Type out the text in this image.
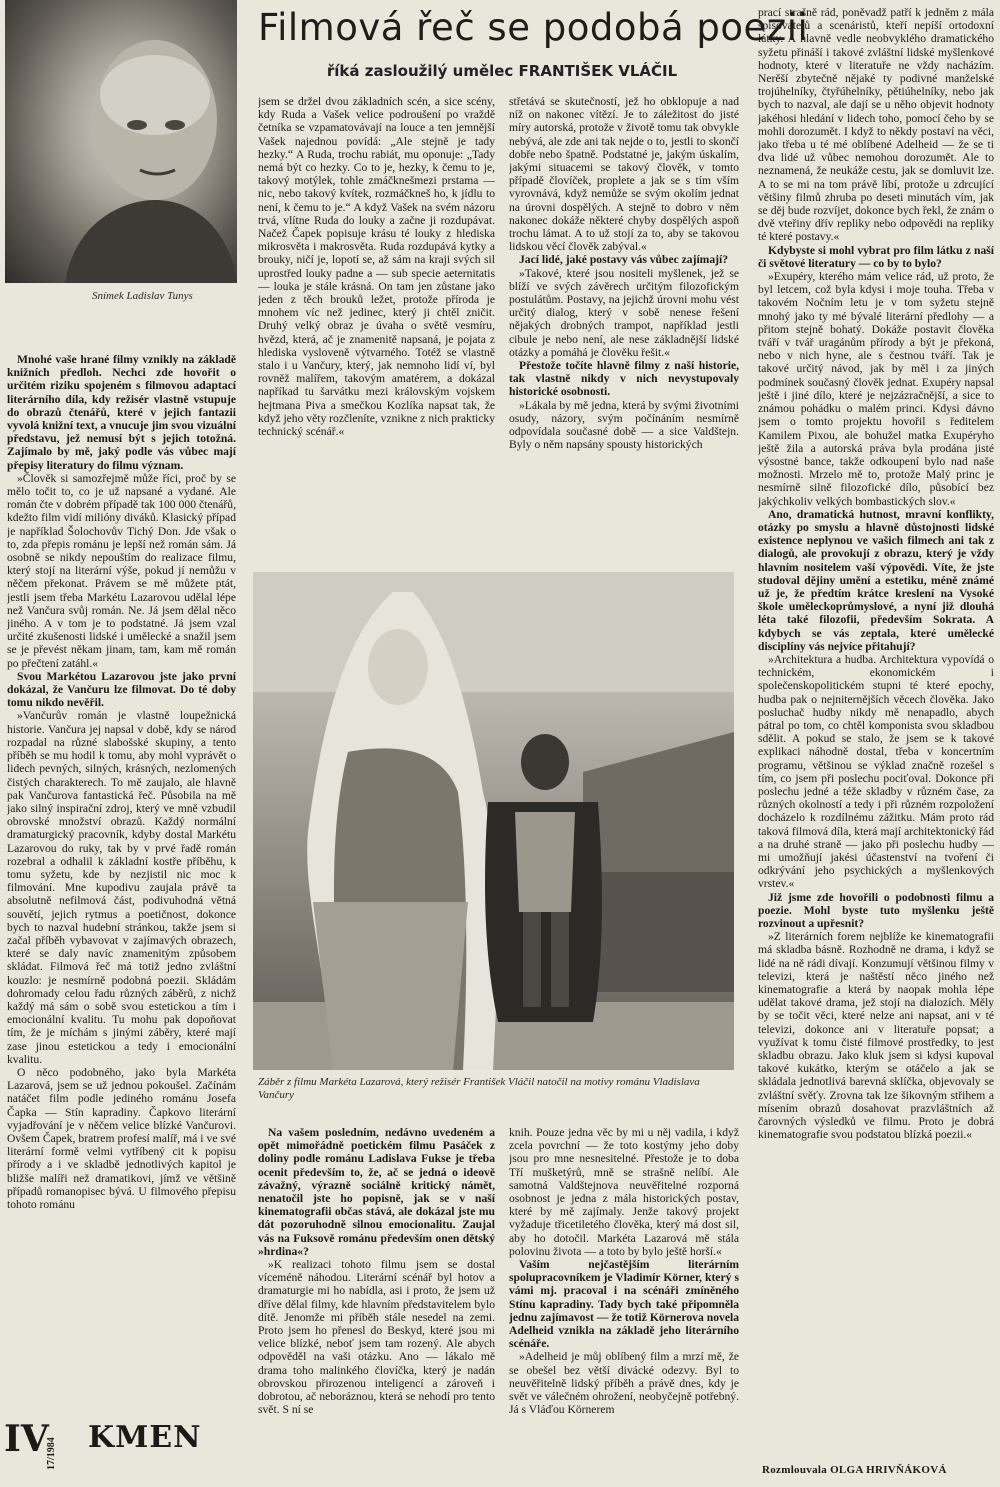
Filmová řeč se podobá poezii
říká zasloužilý umělec FRANTIŠEK VLÁČIL
Snímek Ladislav Tunys

Mnohé vaše hrané filmy vznikly na základě knižních předloh. Nechci zde hovořit o určitém riziku spojeném s filmovou adaptací literárního díla, kdy režisér vlastně vstupuje do obrazů čtenářů, které v jejich fantazii vyvolá knižní text, a vnucuje jim svou vizuální představu, jež nemusí být s jejich totožná. Zajímalo by mě, jaký podle vás vůbec mají přepisy literatury do filmu význam.

»Člověk si samozřejmě může říci, proč by se mělo točit to, co je už napsané a vydané. Ale román čte v dobrém případě tak 100 000 čtenářů, kdežto film vidí milióny diváků. Klasický případ je například Šolochovův Tichý Don. Jde však o to, zda přepis románu je lepší než román sám. Já osobně se nikdy nepouštím do realizace filmu, který stojí na literární výše, pokud jí nemůžu v něčem překonat. Právem se mě můžete ptát, jestli jsem třeba Markétu Lazarovou udělal lépe než Vančura svůj román. Ne. Já jsem dělal něco jiného. A v tom je to podstatné. Já jsem vzal určité zkušenosti lidské i umělecké a snažil jsem se je převést někam jinam, tam, kam mě román po přečtení zatáhl.«

Svou Markétou Lazarovou jste jako první dokázal, že Vančuru lze filmovat. Do té doby tomu nikdo nevěřil.

»Vančurův román je vlastně loupežnická historie. Vančura jej napsal v době, kdy se národ rozpadal na různé slabošské skupiny, a tento příběh se mu hodil k tomu, aby mohl vyprávět o lidech pevných, silných, krásných, nezlomených čistých charakterech. To mě zaujalo, ale hlavně pak Vančurova fantastická řeč. Působila na mě jako silný inspirační zdroj, který ve mně vzbudil obrovské množství obrazů. Každý normální dramaturgický pracovník, kdyby dostal Markétu Lazarovou do ruky, tak by v prvé řadě román rozebral a odhalil k základní kostře příběhu, k tomu syžetu, kde by nezjistil nic moc k filmování. Mne kupodivu zaujala právě ta absolutně nefilmová část, podivuhodná větná souvětí, jejich rytmus a poetičnost, dokonce bych to nazval hudební stránkou, takže jsem si začal příběh vybavovat v zajímavých obrazech, které se daly navíc znamenitým způsobem skládat. Filmová řeč má totiž jedno zvláštní kouzlo: je nesmírně podobná poezii. Skládám dohromady celou řadu různých záběrů, z nichž každý má sám o sobě svou estetickou a tím i emocionální kvalitu. Tu mohu pak dopoňovat tím, že je míchám s jinými záběry, které mají zase jinou estetickou a tedy i emocionální kvalitu.

O něco podobného, jako byla Markéta Lazarová, jsem se už jednou pokoušel. Začínám natáčet film podle jediného románu Josefa Čapka — Stín kapradiny. Čapkovo literární vyjadřování je v něčem velice blízké Vančurovi. Ovšem Čapek, bratrem profesí malíř, má i ve své literární formě velmi vytříbený cit k popisu přírody a i ve skladbě jednotlivých kapitol je bližše malíři než dramatikovi, jímž ve většině případů romanopisec bývá. U filmového přepisu tohoto románu

jsem se držel dvou základních scén, a sice scény, kdy Ruda a Vašek velice podroušení po vraždě četníka se vzpamatovávají na louce a ten jemnější Vašek najednou povídá: „Ale stejně je tady hezky.“ A Ruda, trochu rabiát, mu oponuje: „Tady nemá být co hezky. Co to je, hezky, k čemu to je, takový motýlek, tohle zmáčknešmezi prstama — nic, nebo takový kvítek, rozmáčkneš ho, k jídlu to není, k čemu to je.“ A když Vašek na svém názoru trvá, vlítne Ruda do louky a začne ji rozdupávat. Načež Čapek popisuje krásu té louky z hlediska mikrosvěta i makrosvěta. Ruda rozdupává kytky a brouky, ničí je, lopotí se, až sám na kraji svých sil uprostřed louky padne a — sub specie aeternitatis — louka je stále krásná. On tam jen zůstane jako jeden z těch brouků ležet, protože příroda je mnohem víc než jedinec, který ji chtěl zničit. Druhý velký obraz je úvaha o světě vesmíru, hvězd, která, ač je znamenitě napsaná, je pojata z hlediska vysloveně výtvarného. Totéž se vlastně stalo i u Vančury, který, jak nemnoho lidí ví, byl rovněž malířem, takovým amatérem, a dokázal napříkad tu šarvátku mezi královským vojskem hejtmana Piva a smečkou Kozlíka napsat tak, že když jeho věty rozčleníte, vznikne z nich prakticky technický scénář.«

střetává se skutečností, jež ho obklopuje a nad níž on nakonec vítězí. Je to záležitost do jisté míry autorská, protože v životě tomu tak obvykle nebývá, ale zde ani tak nejde o to, jestli to skončí dobře nebo špatně. Podstatné je, jakým úskalím, jakými situacemi se takový člověk, v tomto případě človíček, proplete a jak se s tím vším vyrovnává, když nemůže se svým okolím jednat na úrovni dospělých. A stejně to dobro v něm nakonec dokáže některé chyby dospělých aspoň trochu lámat. A to už stojí za to, aby se takovou lidskou věcí člověk zabýval.«

Jací lidé, jaké postavy vás vůbec zajímají?

»Takové, které jsou nositeli myšlenek, jež se blíží ve svých závěrech určitým filozofickým postulátům. Postavy, na jejichž úrovni mohu vést určitý dialog, který v sobě nenese řešení nějakých drobných trampot, například jestli cibule je nebo není, ale nese základnější lidské otázky a pomáhá je člověku řešit.«

Přestože točíte hlavně filmy z naší historie, tak vlastně nikdy v nich nevystupovaly historické osobnosti.

»Lákala by mě jedna, která by svými životními osudy, názory, svým počínáním nesmírně odpovídala současné době — a sice Valdštejn. Byly o něm napsány spousty historických

Záběr z filmu Markéta Lazarová, který režisér František Vláčil natočil na motivy románu Vladislava Vančury

Na vašem posledním, nedávno uvedeném a opět mimořádně poetickém filmu Pasáček z doliny podle románu Ladislava Fukse je třeba ocenit především to, že, ač se jedná o ideově závažný, výrazně sociálně kritický námět, nenatočil jste ho popisně, jak se v naší kinematografii občas stává, ale dokázal jste mu dát pozoruhodně silnou emocionalitu. Zaujal vás na Fuksově románu především onen dětský »hrdina«?

»K realizaci tohoto filmu jsem se dostal víceméně náhodou. Literární scénář byl hotov a dramaturgie mi ho nabídla, asi i proto, že jsem už dříve dělal filmy, kde hlavním představitelem bylo dítě. Jenomže mi příběh stále nesedel na zemi. Proto jsem ho přenesl do Beskyd, které jsou mi velice blízké, neboť jsem tam rozený. Ale abych odpověděl na vaši otázku. Ano — lákalo mě drama toho malinkého človíčka, který je nadán obrovskou přirozenou inteligencí a zároveň i dobrotou, ač neboráznou, která se nehodí pro tento svět. S ní se

knih. Pouze jedna věc by mi u něj vadila, i když zcela povrchní — že toto kostýmy jeho doby jsou pro mne nesnesitelné. Přestože je to doba Tří mušketýrů, mně se strašně nelíbí. Ale samotná Valdštejnova neuvěřitelné rozporná osobnost je jedna z mála historických postav, které by mě zajímaly. Jenže takový projekt vyžaduje třicetiletého člověka, který má dost sil, aby ho dotočil. Markéta Lazarová mě stála polovinu života — a toto by bylo ještě horší.«

Vaším nejčastějším literárním spolupracovníkem je Vladimír Körner, který s vámi mj. pracoval i na scénáři zmíněného Stínu kapradiny. Tady bych také připomněla jednu zajímavost — že totiž Körnerova novela Adelheid vznikla na základě jeho literárního scénáře.

»Adelheid je můj oblíbený film a mrzí mě, že se obešel bez větší divácké odezvy. Byl to neuvěřitelně lidský příběh a právě dnes, kdy je svět ve válečném ohrožení, neobyčejně potřebný. Já s Vláďou Körnerem

prací strašně rád, poněvadž patří k jedněm z mála spisovatelů a scenáristů, kteří nepíší ortodoxní látky. A hlavně vedle neobvyklého dramatického syžetu přináší i takové zvláštní lidské myšlenkové hodnoty, které v literatuře ne vždy nacházím. Nerěší zbytečně nějaké ty podivné manželské trojúhelníky, čtyřúhelníky, pětiúhelníky, nebo jak bych to nazval, ale dají se u něho objevit hodnoty jakéhosi hledání v lidech toho, pomocí čeho by se mohli dorozumět. I když to někdy postaví na věci, jako třeba u té mé oblíbené Adelheid — že se ti dva lidé už vůbec nemohou dorozumět. Ale to neznamená, že neukáže cestu, jak se domluvit lze. A to se mi na tom právě líbí, protože u zdrcující většiny filmů zhruba po deseti minutách vím, jak se děj bude rozvíjet, dokonce bych řekl, že znám o dvě vteřiny dřív repliky nebo odpovědi na repliky té které postavy.«

Kdybyste si mohl vybrat pro film látku z naší či světové literatury — co by to bylo?

»Exupéry, kterého mám velice rád, už proto, že byl letcem, což byla kdysi i moje touha. Třeba v takovém Nočním letu je v tom syžetu stejně mnohý jako ty mé bývalé literární předlohy — a přitom stejně bohatý. Dokáže postavit člověka tváří v tvář uragánům přírody a být je překoná, nebo v nich hyne, ale s čestnou tváří. Tak je takové určitý návod, jak by měl i za jiných podmínek současný člověk jednat. Exupéry napsal ještě i jiné dílo, které je nejzázračnější, a sice to známou pohádku o malém princi. Kdysi dávno jsem o tomto projektu hovořil s ředitelem Kamilem Pixou, ale bohužel matka Exupéryho ještě žila a autorská práva byla prodána jisté výsostné bance, takže odkoupení bylo nad naše možnosti. Mrzelo mě to, protože Malý princ je nesmírně silně filozofické dílo, působící bez jakýchkoliv velkých bombastických slov.«

Ano, dramatická hutnost, mravní konflikty, otázky po smyslu a hlavně důstojnosti lidské existence neplynou ve vašich filmech ani tak z dialogů, ale provokují z obrazu, který je vždy hlavním nositelem vaší výpovědi. Víte, že jste studoval dějiny umění a estetiku, méně známé už je, že předtím krátce kreslení na Vysoké škole uměleckoprůmyslové, a nyní již dlouhá léta také filozofii, především Sokrata. A kdybych se vás zeptala, které umělecké disciplíny vás nejvíce přitahují?

»Architektura a hudba. Architektura vypovídá o technickém, ekonomickém i společenskopolitickém stupni té které epochy, hudba pak o nejniternějších věcech člověka. Jako posluchač hudby nikdy mě nenapadlo, abych pátral po tom, co chtěl komponista svou skladbou sdělit. A pokud se stalo, že jsem se k takové explikaci náhodně dostal, třeba v koncertním programu, většinou se výklad značně rozešel s tím, co jsem při poslechu pociťoval. Dokonce při poslechu jedné a téže skladby v různém čase, za různých okolností a tedy i při různém rozpoložení docházelo k rozdílnému zážitku. Mám proto rád taková filmová díla, která mají architektonický řád a na druhé straně — jako při poslechu hudby — mi umožňují jakési účastenství na tvoření či odkrývání jeho psychických a myšlenkových vrstev.«

Již jsme zde hovořili o podobnosti filmu a poezie. Mohl byste tuto myšlenku ještě rozvinout a upřesnit?

»Z literárních forem nejblíže ke kinematografii má skladba básně. Rozhodně ne drama, i když se lidé na ně rádi dívají. Konzumují většinou filmy v televizi, která je naštěstí něco jiného než kinematografie a která by naopak mohla lépe udělat takové drama, jež stojí na dialozích. Měly by se točit věci, které nelze ani napsat, ani v té televizi, dokonce ani v literatuře popsat; a využívat k tomu čisté filmové prostředky, to jest skladbu obrazu. Jako kluk jsem si kdysi kupoval takové kukátko, kterým se otáčelo a jak se skládala jednotlivá barevná sklíčka, objevovaly se zvláštní svěťy. Zrovna tak lze šikovným střihem a mísením obrazů dosahovat prazvláštních až čarovných výsledků ve filmu. Proto je dobrá kinematografie svou podstatou blízká poezii.«

Rozmlouvala OLGA HRIVŇÁKOVÁ
IV
17/1984 KMEN
